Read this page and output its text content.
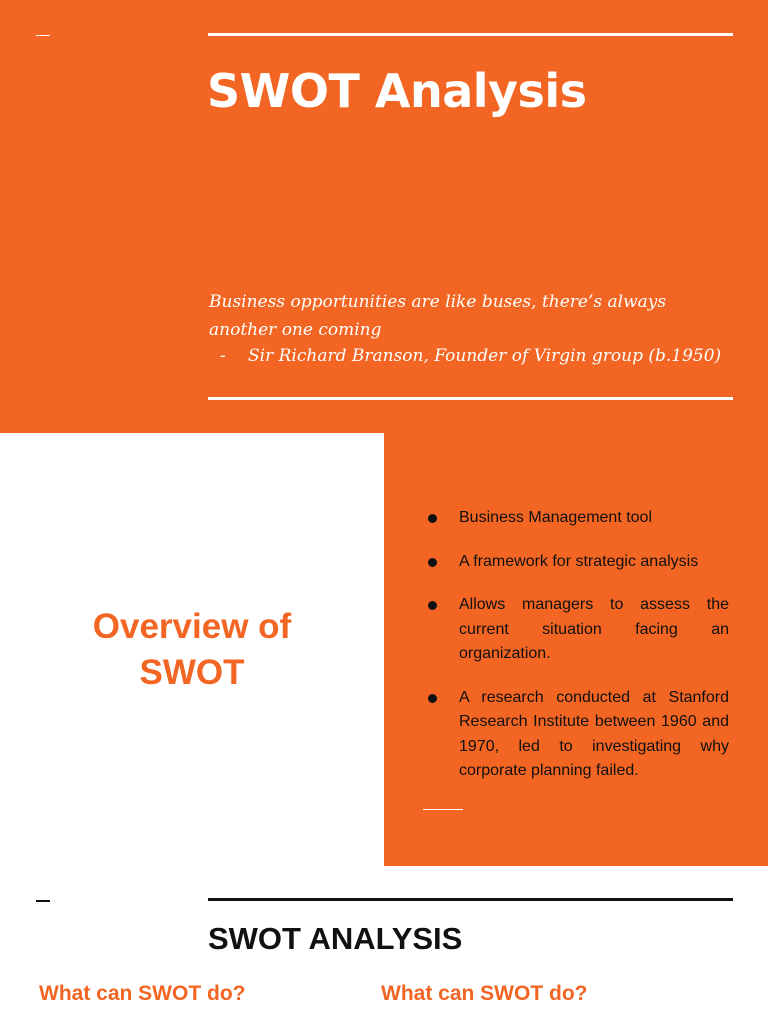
SWOT Analysis

Business opportunities are like buses, there’s always another one coming

- Sir Richard Branson, Founder of Virgin group (b.1950)

Overview of
SWOT
Business Management tool
A framework for strategic analysis
Allows managers to assess the current situation facing an organization.
A research conducted at Stanford Research Institute between 1960 and 1970, led to investigating why corporate planning failed.
SWOT ANALYSIS
What can SWOT do?	What can SWOT do?
